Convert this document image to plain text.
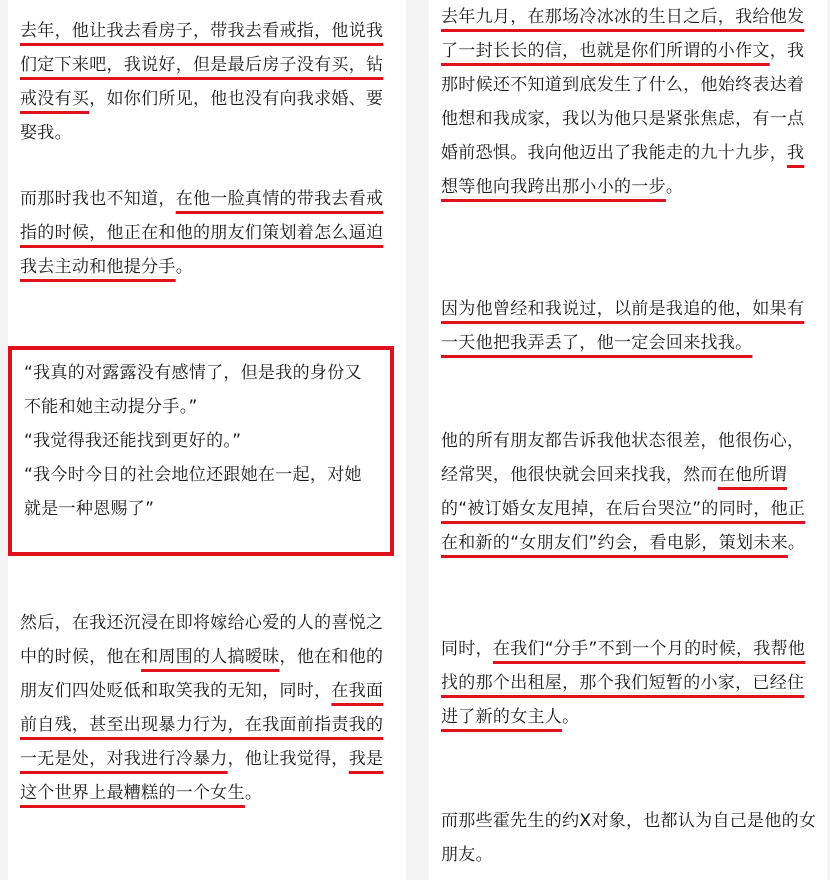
去年，他让我去看房子，带我去看戒指，他说我们定下来吧，我说好，但是最后房子没有买，钻戒没有买，如你们所见，他也没有向我求婚、要娶我。

而那时我也不知道，在他一脸真情的带我去看戒指的时候，他正在和他的朋友们策划着怎么逼迫我去主动和他提分手。

“我真的对露露没有感情了，但是我的身份又不能和她主动提分手。”

“我觉得我还能找到更好的。”

“我今时今日的社会地位还跟她在一起，对她就是一种恩赐了”

然后，在我还沉浸在即将嫁给心爱的人的喜悦之中的时候，他在和周围的人搞暧昧，他在和他的朋友们四处贬低和取笑我的无知，同时，在我面前自残，甚至出现暴力行为，在我面前指责我的一无是处，对我进行冷暴力，他让我觉得，我是这个世界上最糟糕的一个女生。

去年九月，在那场冷冰冰的生日之后，我给他发了一封长长的信，也就是你们所谓的小作文，我那时候还不知道到底发生了什么，他始终表达着他想和我成家，我以为他只是紧张焦虑，有一点婚前恐惧。我向他迈出了我能走的九十九步，我想等他向我跨出那小小的一步。

因为他曾经和我说过，以前是我追的他，如果有一天他把我弄丢了，他一定会回来找我。

他的所有朋友都告诉我他状态很差，他很伤心，经常哭，他很快就会回来找我，然而在他所谓的“被订婚女友甩掉，在后台哭泣”的同时，他正在和新的“女朋友们”约会，看电影，策划未来。

同时，在我们“分手”不到一个月的时候，我帮他找的那个出租屋，那个我们短暂的小家，已经住进了新的女主人。

而那些霍先生的约X对象，也都认为自己是他的女朋友。
